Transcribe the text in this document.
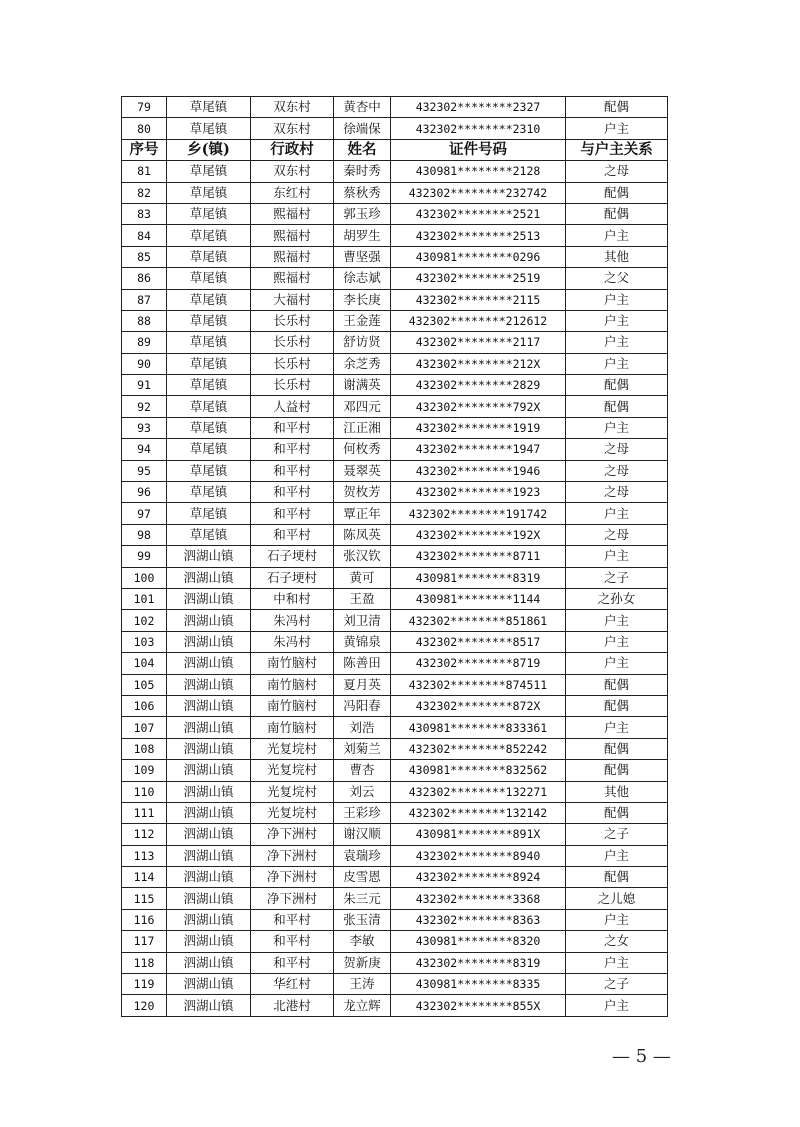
79	草尾镇	双东村	黄杏中	432302********2327	配偶
80	草尾镇	双东村	徐端保	432302********2310	户主
序号	乡(镇)	行政村	姓名	证件号码	与户主关系
81	草尾镇	双东村	秦时秀	430981********2128	之母
82	草尾镇	东红村	蔡秋秀	432302********232742	配偶
83	草尾镇	熙福村	郭玉珍	432302********2521	配偶
84	草尾镇	熙福村	胡罗生	432302********2513	户主
85	草尾镇	熙福村	曹坚强	430981********0296	其他
86	草尾镇	熙福村	徐志斌	432302********2519	之父
87	草尾镇	大福村	李长庚	432302********2115	户主
88	草尾镇	长乐村	王金莲	432302********212612	户主
89	草尾镇	长乐村	舒访贤	432302********2117	户主
90	草尾镇	长乐村	余芝秀	432302********212X	户主
91	草尾镇	长乐村	谢满英	432302********2829	配偶
92	草尾镇	人益村	邓四元	432302********792X	配偶
93	草尾镇	和平村	江正湘	432302********1919	户主
94	草尾镇	和平村	何枚秀	432302********1947	之母
95	草尾镇	和平村	聂翠英	432302********1946	之母
96	草尾镇	和平村	贺枚芳	432302********1923	之母
97	草尾镇	和平村	覃正年	432302********191742	户主
98	草尾镇	和平村	陈凤英	432302********192X	之母
99	泗湖山镇	石子埂村	张汉钦	432302********8711	户主
100	泗湖山镇	石子埂村	黄可	430981********8319	之子
101	泗湖山镇	中和村	王盈	430981********1144	之孙女
102	泗湖山镇	朱冯村	刘卫清	432302********851861	户主
103	泗湖山镇	朱冯村	黄锦泉	432302********8517	户主
104	泗湖山镇	南竹脑村	陈善田	432302********8719	户主
105	泗湖山镇	南竹脑村	夏月英	432302********874511	配偶
106	泗湖山镇	南竹脑村	冯阳春	432302********872X	配偶
107	泗湖山镇	南竹脑村	刘浩	430981********833361	户主
108	泗湖山镇	光复垸村	刘菊兰	432302********852242	配偶
109	泗湖山镇	光复垸村	曹杏	430981********832562	配偶
110	泗湖山镇	光复垸村	刘云	432302********132271	其他
111	泗湖山镇	光复垸村	王彩珍	432302********132142	配偶
112	泗湖山镇	净下洲村	谢汉顺	430981********891X	之子
113	泗湖山镇	净下洲村	袁瑞珍	432302********8940	户主
114	泗湖山镇	净下洲村	皮雪恩	432302********8924	配偶
115	泗湖山镇	净下洲村	朱三元	432302********3368	之儿媳
116	泗湖山镇	和平村	张玉清	432302********8363	户主
117	泗湖山镇	和平村	李敏	430981********8320	之女
118	泗湖山镇	和平村	贺新庚	432302********8319	户主
119	泗湖山镇	华红村	王涛	430981********8335	之子
120	泗湖山镇	北港村	龙立辉	432302********855X	户主
— 5 —
